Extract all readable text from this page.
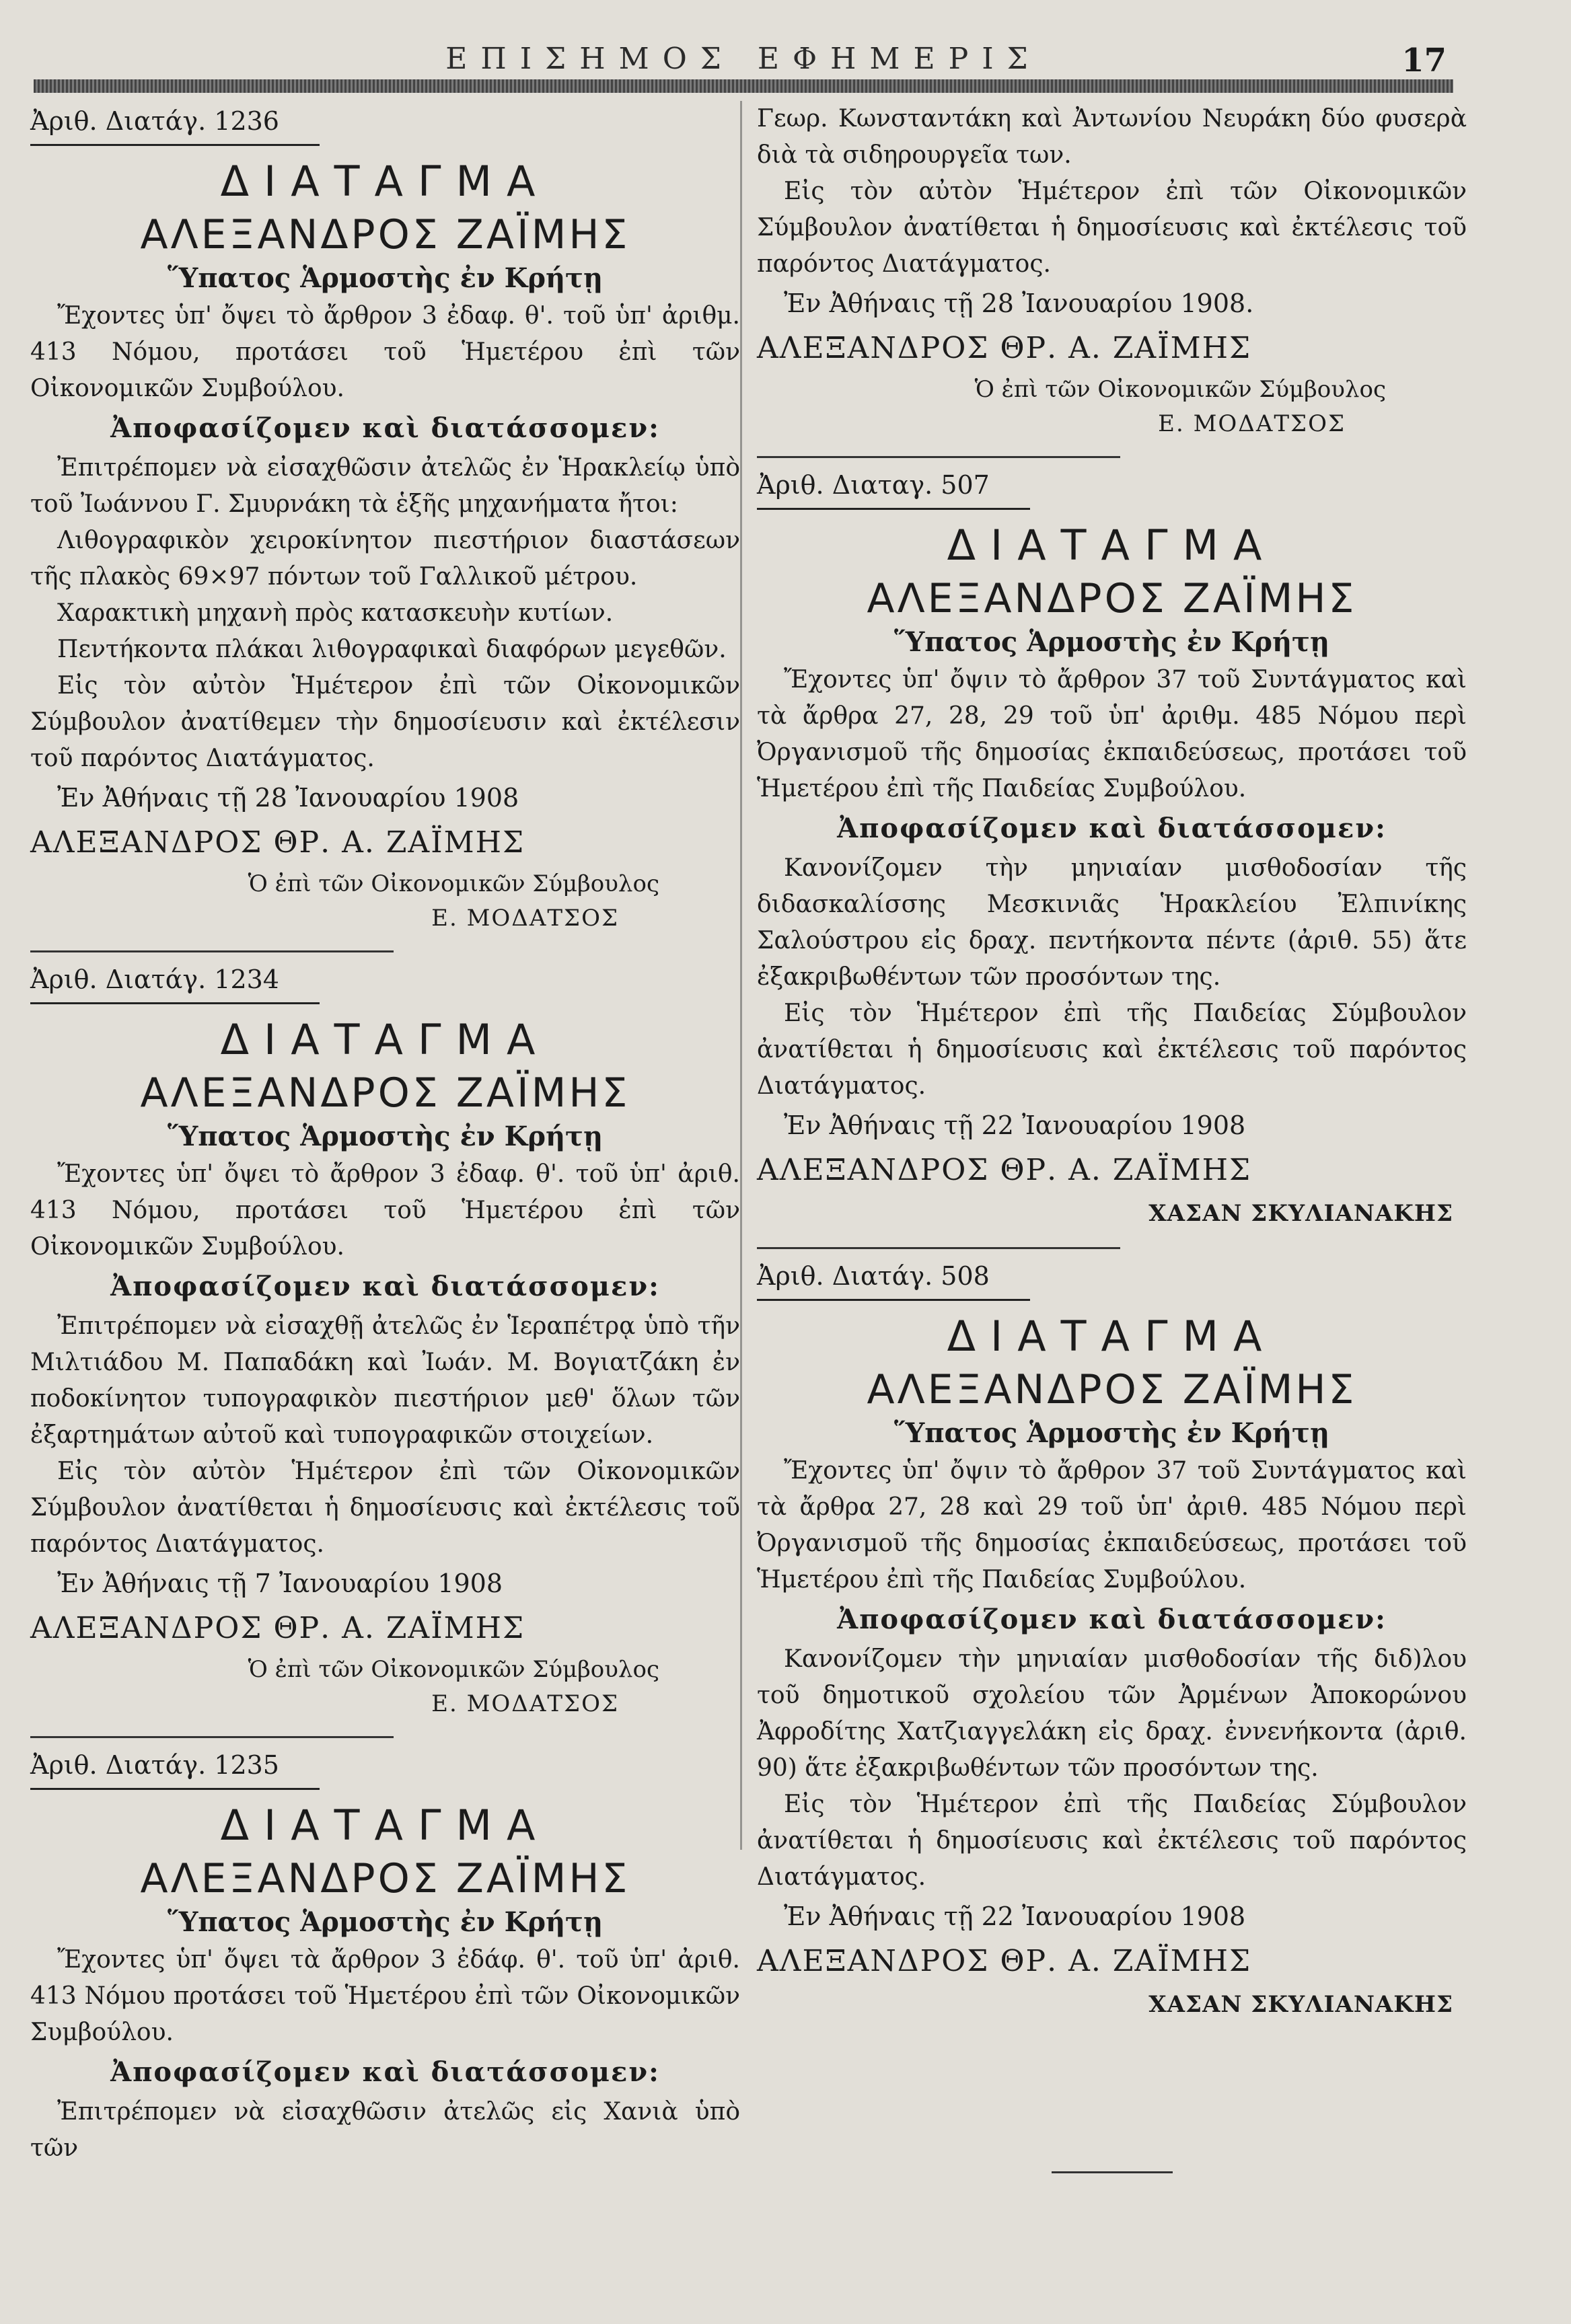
ΕΠΙΣΗΜΟΣ ΕΦΗΜΕΡΙΣ	17
Ἀριθ. Διατάγ. 1236
ΔΙΑΤΑΓΜΑ
ΑΛΕΞΑΝΔΡΟΣ ΖΑΪΜΗΣ
Ὕπατος Ἁρμοστὴς ἐν Κρήτῃ

Ἔχοντες ὑπ' ὄψει τὸ ἄρθρον 3 ἐδαφ. θ'. τοῦ ὑπ' ἀριθμ. 413 Νόμου, προτάσει τοῦ Ἡμετέρου ἐπὶ τῶν Οἰκονομικῶν Συμβούλου.

Ἀποφασίζομεν καὶ διατάσσομεν:

Ἐπιτρέπομεν νὰ εἰσαχθῶσιν ἀτελῶς ἐν Ἡρακλείῳ ὑπὸ τοῦ Ἰωάννου Γ. Σμυρνάκη τὰ ἑξῆς μηχανήματα ἤτοι:

Λιθογραφικὸν χειροκίνητον πιεστήριον διαστάσεων τῆς πλακὸς 69×97 πόντων τοῦ Γαλλικοῦ μέτρου.

Χαρακτικὴ μηχανὴ πρὸς κατασκευὴν κυτίων.

Πεντήκοντα πλάκαι λιθογραφικαὶ διαφόρων μεγεθῶν.

Εἰς τὸν αὐτὸν Ἡμέτερον ἐπὶ τῶν Οἰκονομικῶν Σύμβουλον ἀνατίθεμεν τὴν δημοσίευσιν καὶ ἐκτέλεσιν τοῦ παρόντος Διατάγματος.

Ἐν Ἀθήναις τῇ 28 Ἰανουαρίου 1908
ΑΛΕΞΑΝΔΡΟΣ ΘΡ. Α. ΖΑΪΜΗΣ
Ὁ ἐπὶ τῶν Οἰκονομικῶν Σύμβουλος
Ε. ΜΟΔΑΤΣΟΣ
Ἀριθ. Διατάγ. 1234
ΔΙΑΤΑΓΜΑ
ΑΛΕΞΑΝΔΡΟΣ ΖΑΪΜΗΣ
Ὕπατος Ἁρμοστὴς ἐν Κρήτῃ

Ἔχοντες ὑπ' ὄψει τὸ ἄρθρον 3 ἐδαφ. θ'. τοῦ ὑπ' ἀριθ. 413 Νόμου, προτάσει τοῦ Ἡμετέρου ἐπὶ τῶν Οἰκονομικῶν Συμβούλου.

Ἀποφασίζομεν καὶ διατάσσομεν:

Ἐπιτρέπομεν νὰ εἰσαχθῇ ἀτελῶς ἐν Ἱεραπέτρᾳ ὑπὸ τῆν Μιλτιάδου Μ. Παπαδάκη καὶ Ἰωάν. Μ. Βογιατζάκη ἐν ποδοκίνητον τυπογραφικὸν πιεστήριον μεθ' ὅλων τῶν ἐξαρτημάτων αὐτοῦ καὶ τυπογραφικῶν στοιχείων.

Εἰς τὸν αὐτὸν Ἡμέτερον ἐπὶ τῶν Οἰκονομικῶν Σύμβουλον ἀνατίθεται ἡ δημοσίευσις καὶ ἐκτέλεσις τοῦ παρόντος Διατάγματος.

Ἐν Ἀθήναις τῇ 7 Ἰανουαρίου 1908
ΑΛΕΞΑΝΔΡΟΣ ΘΡ. Α. ΖΑΪΜΗΣ
Ὁ ἐπὶ τῶν Οἰκονομικῶν Σύμβουλος
Ε. ΜΟΔΑΤΣΟΣ
Ἀριθ. Διατάγ. 1235
ΔΙΑΤΑΓΜΑ
ΑΛΕΞΑΝΔΡΟΣ ΖΑΪΜΗΣ
Ὕπατος Ἁρμοστὴς ἐν Κρήτῃ

Ἔχοντες ὑπ' ὄψει τὰ ἄρθρον 3 ἐδάφ. θ'. τοῦ ὑπ' ἀριθ. 413 Νόμου προτάσει τοῦ Ἡμετέρου ἐπὶ τῶν Οἰκονομικῶν Συμβούλου.

Ἀποφασίζομεν καὶ διατάσσομεν:

Ἐπιτρέπομεν νὰ εἰσαχθῶσιν ἀτελῶς εἰς Χανιὰ ὑπὸ τῶν

Γεωρ. Κωνσταντάκη καὶ Ἀντωνίου Νευράκη δύο φυσερὰ διὰ τὰ σιδηρουργεῖα των.

Εἰς τὸν αὐτὸν Ἡμέτερον ἐπὶ τῶν Οἰκονομικῶν Σύμβουλον ἀνατίθεται ἡ δημοσίευσις καὶ ἐκτέλεσις τοῦ παρόντος Διατάγματος.

Ἐν Ἀθήναις τῇ 28 Ἰανουαρίου 1908.
ΑΛΕΞΑΝΔΡΟΣ ΘΡ. Α. ΖΑΪΜΗΣ
Ὁ ἐπὶ τῶν Οἰκονομικῶν Σύμβουλος
Ε. ΜΟΔΑΤΣΟΣ
Ἀριθ. Διαταγ. 507
ΔΙΑΤΑΓΜΑ
ΑΛΕΞΑΝΔΡΟΣ ΖΑΪΜΗΣ
Ὕπατος Ἁρμοστὴς ἐν Κρήτῃ

Ἔχοντες ὑπ' ὄψιν τὸ ἄρθρον 37 τοῦ Συντάγματος καὶ τὰ ἄρθρα 27, 28, 29 τοῦ ὑπ' ἀριθμ. 485 Νόμου περὶ Ὀργανισμοῦ τῆς δημοσίας ἐκπαιδεύσεως, προτάσει τοῦ Ἡμετέρου ἐπὶ τῆς Παιδείας Συμβούλου.

Ἀποφασίζομεν καὶ διατάσσομεν:

Κανονίζομεν τὴν μηνιαίαν μισθοδοσίαν τῆς διδασκαλίσσης Μεσκινιᾶς Ἡρακλείου Ἐλπινίκης Σαλούστρου εἰς δραχ. πεντήκοντα πέντε (ἀριθ. 55) ἅτε ἐξακριβωθέντων τῶν προσόντων της.

Εἰς τὸν Ἡμέτερον ἐπὶ τῆς Παιδείας Σύμβουλον ἀνατίθεται ἡ δημοσίευσις καὶ ἐκτέλεσις τοῦ παρόντος Διατάγματος.

Ἐν Ἀθήναις τῇ 22 Ἰανουαρίου 1908
ΑΛΕΞΑΝΔΡΟΣ ΘΡ. Α. ΖΑΪΜΗΣ
ΧΑΣΑΝ ΣΚΥΛΙΑΝΑΚΗΣ
Ἀριθ. Διατάγ. 508
ΔΙΑΤΑΓΜΑ
ΑΛΕΞΑΝΔΡΟΣ ΖΑΪΜΗΣ
Ὕπατος Ἁρμοστὴς ἐν Κρήτῃ

Ἔχοντες ὑπ' ὄψιν τὸ ἄρθρον 37 τοῦ Συντάγματος καὶ τὰ ἄρθρα 27, 28 καὶ 29 τοῦ ὑπ' ἀριθ. 485 Νόμου περὶ Ὀργανισμοῦ τῆς δημοσίας ἐκπαιδεύσεως, προτάσει τοῦ Ἡμετέρου ἐπὶ τῆς Παιδείας Συμβούλου.

Ἀποφασίζομεν καὶ διατάσσομεν:

Κανονίζομεν τὴν μηνιαίαν μισθοδοσίαν τῆς διδ)λου τοῦ δημοτικοῦ σχολείου τῶν Ἀρμένων Ἀποκορώνου Ἀφροδίτης Χατζιαγγελάκη εἰς δραχ. ἐννενήκοντα (ἀριθ. 90) ἅτε ἐξακριβωθέντων τῶν προσόντων της.

Εἰς τὸν Ἡμέτερον ἐπὶ τῆς Παιδείας Σύμβουλον ἀνατίθεται ἡ δημοσίευσις καὶ ἐκτέλεσις τοῦ παρόντος Διατάγματος.

Ἐν Ἀθήναις τῇ 22 Ἰανουαρίου 1908
ΑΛΕΞΑΝΔΡΟΣ ΘΡ. Α. ΖΑΪΜΗΣ
ΧΑΣΑΝ ΣΚΥΛΙΑΝΑΚΗΣ
